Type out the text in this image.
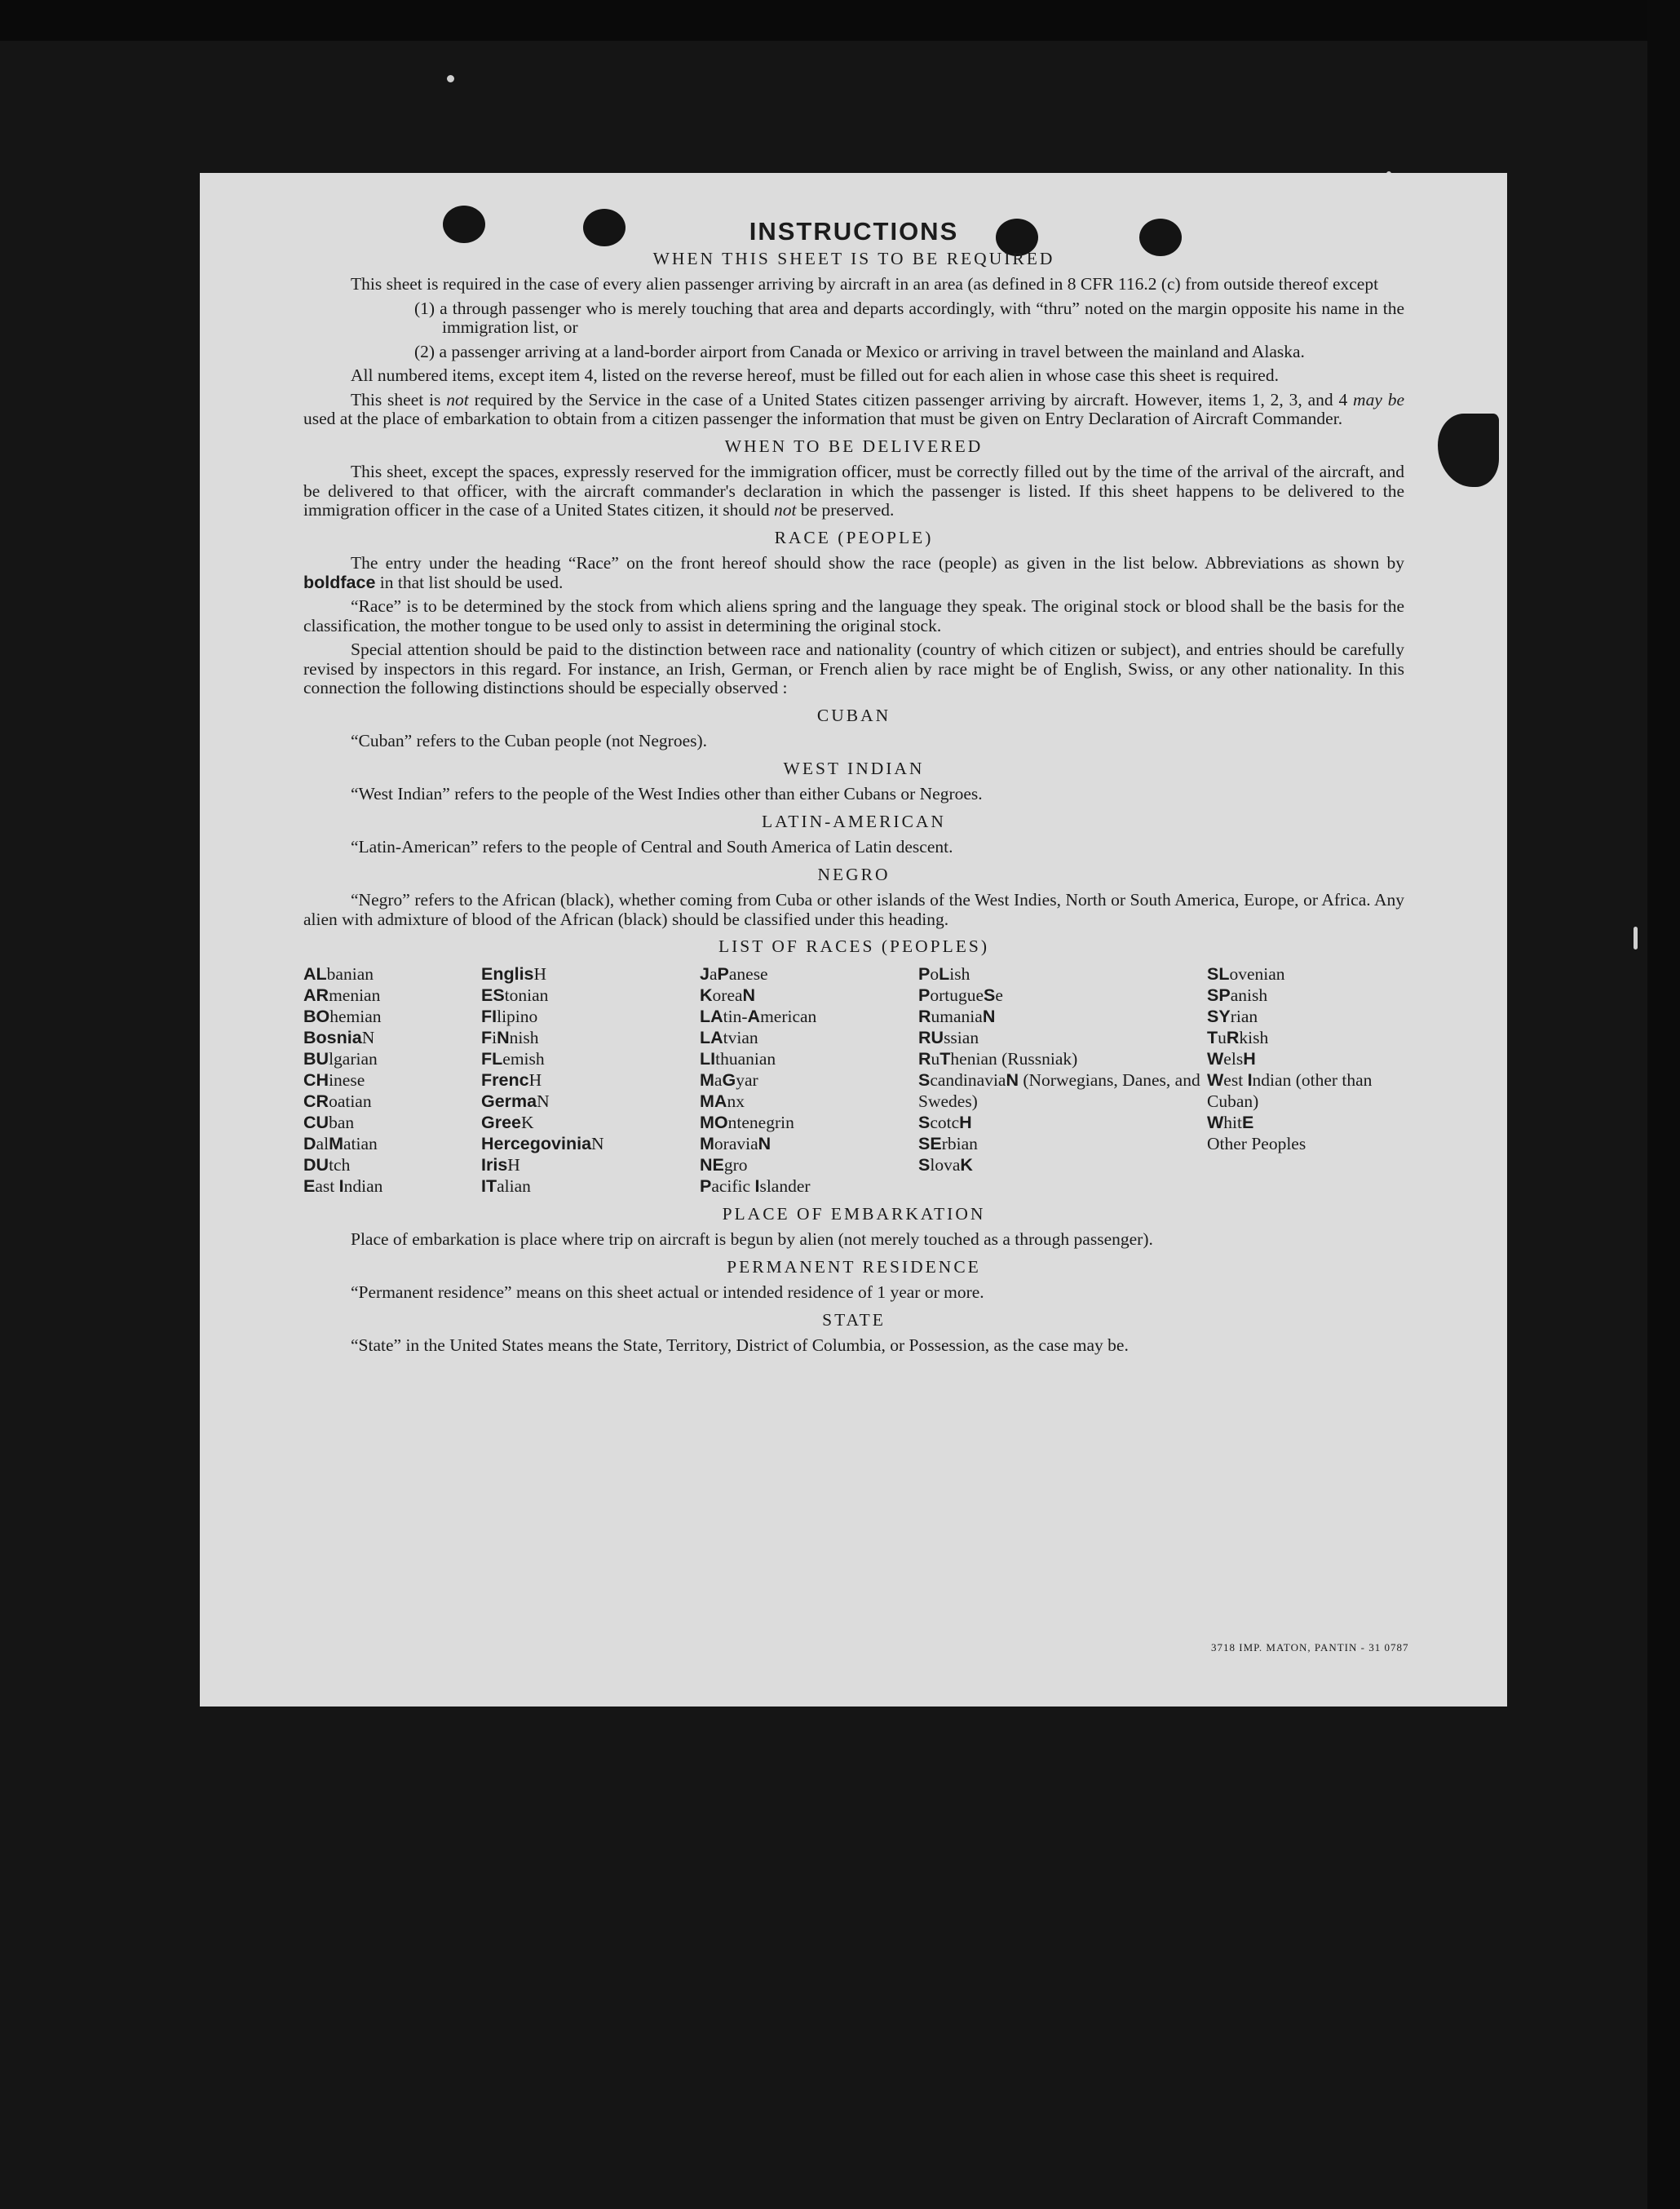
INSTRUCTIONS
WHEN THIS SHEET IS TO BE REQUIRED

This sheet is required in the case of every alien passenger arriving by aircraft in an area (as defined in 8 CFR 116.2 (c) from outside thereof except

(1) a through passenger who is merely touching that area and departs accordingly, with “thru” noted on the margin opposite his name in the immigration list, or

(2) a passenger arriving at a land-border airport from Canada or Mexico or arriving in travel between the mainland and Alaska.

All numbered items, except item 4, listed on the reverse hereof, must be filled out for each alien in whose case this sheet is required.

This sheet is not required by the Service in the case of a United States citizen passenger arriving by aircraft. However, items 1, 2, 3, and 4 may be used at the place of embarkation to obtain from a citizen passenger the information that must be given on Entry Declaration of Aircraft Commander.

WHEN TO BE DELIVERED

This sheet, except the spaces, expressly reserved for the immigration officer, must be correctly filled out by the time of the arrival of the aircraft, and be delivered to that officer, with the aircraft commander's declaration in which the passenger is listed. If this sheet happens to be delivered to the immigration officer in the case of a United States citizen, it should not be preserved.

RACE (PEOPLE)

The entry under the heading “Race” on the front hereof should show the race (people) as given in the list below. Abbreviations as shown by boldface in that list should be used.

“Race” is to be determined by the stock from which aliens spring and the language they speak. The original stock or blood shall be the basis for the classification, the mother tongue to be used only to assist in determining the original stock.

Special attention should be paid to the distinction between race and nationality (country of which citizen or subject), and entries should be carefully revised by inspectors in this regard. For instance, an Irish, German, or French alien by race might be of English, Swiss, or any other nationality. In this connection the following distinctions should be especially observed :

CUBAN

“Cuban” refers to the Cuban people (not Negroes).

WEST INDIAN

“West Indian” refers to the people of the West Indies other than either Cubans or Negroes.

LATIN-AMERICAN

“Latin-American” refers to the people of Central and South America of Latin descent.

NEGRO

“Negro” refers to the African (black), whether coming from Cuba or other islands of the West Indies, North or South America, Europe, or Africa. Any alien with admixture of blood of the African (black) should be classified under this heading.

LIST OF RACES (PEOPLES)
ALbanian
ARmenian
BOhemian
BosniaN
BUlgarian
CHinese
CRoatian
CUban
DalMatian
DUtch
East Indian
EnglisH
EStonian
FIlipino
FiNnish
FLemish
FrencH
GermaN
GreeK
HercegoviniaN
IrisH
ITalian
JaPanese
KoreaN
LAtin-American
LAtvian
LIthuanian
MaGyar
MAnx
MOntenegrin
MoraviaN
NEgro
Pacific Islander
PoLish
PortugueSe
RumaniaN
RUssian
RuThenian (Russniak)
ScandinaviaN (Norwegians, Danes, and Swedes)
ScotcH
SErbian
SlovaK
SLovenian
SPanish
SYrian
TuRkish
WelsH
West Indian (other than Cuban)
WhitE
Other Peoples
PLACE OF EMBARKATION

Place of embarkation is place where trip on aircraft is begun by alien (not merely touched as a through passenger).

PERMANENT RESIDENCE

“Permanent residence” means on this sheet actual or intended residence of 1 year or more.

STATE

“State” in the United States means the State, Territory, District of Columbia, or Possession, as the case may be.

3718 IMP. MATON, PANTIN - 31 0787
